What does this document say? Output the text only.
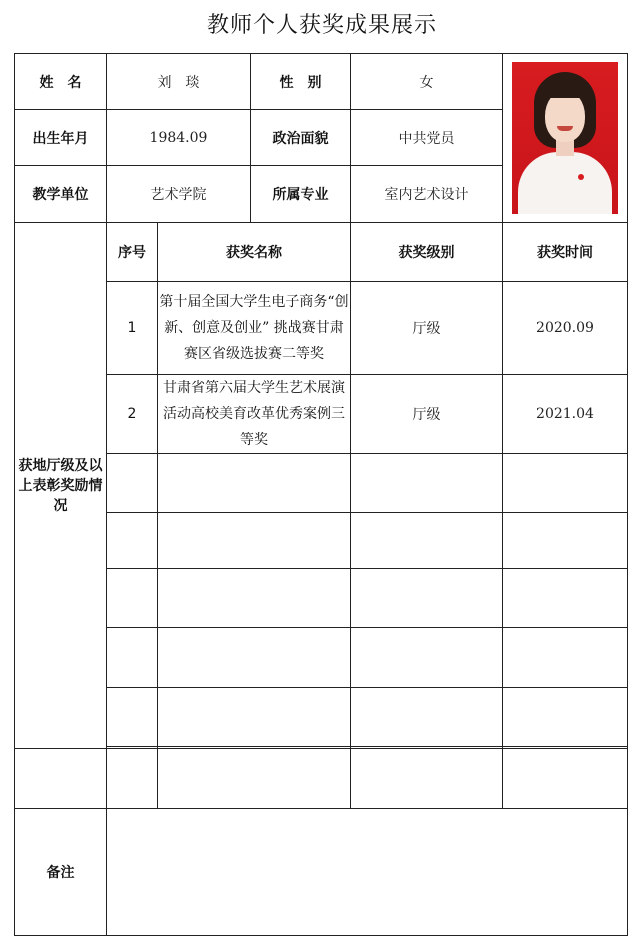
教师个人获奖成果展示
姓　名	刘　琰		性　别	女	

出生年月	1984.09		政治面貌	中共党员	
教学单位	艺术学院		所属专业	室内艺术设计	
获地厅级及以上表彰奖励情况	序号	获奖名称		获奖级别	获奖时间
	1	第十届全国大学生电子商务“创新、创意及创业” 挑战赛甘肃赛区省级选拔赛二等奖		厅级	2020.09
	2	甘肃省第六届大学生艺术展演活动高校美育改革优秀案例三等奖		厅级	2021.04

备注					
